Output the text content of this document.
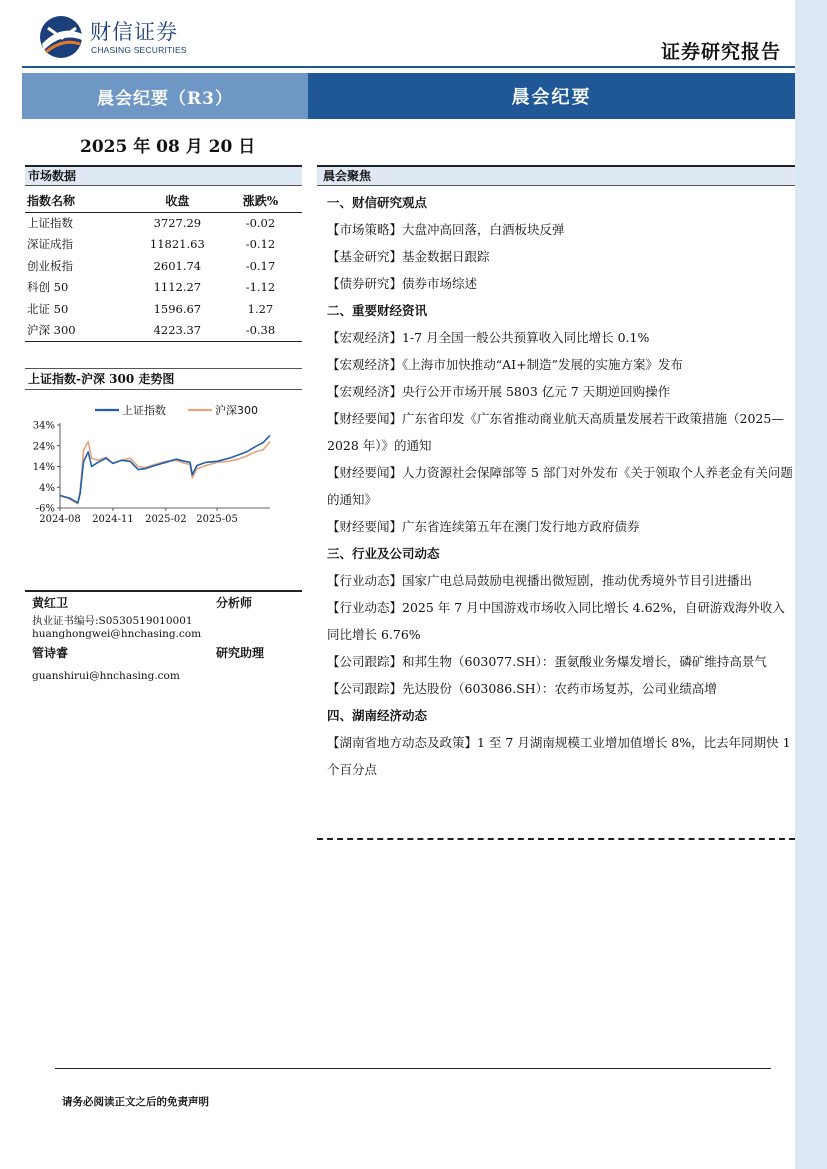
财信证券
CHASING SECURITIES	证券研究报告
晨会纪要（R3）	晨会纪要
2025 年 08 月 20 日
市场数据
指数名称	收盘	涨跌%
上证指数	3727.29	-0.02
深证成指	11821.63	-0.12
创业板指	2601.74	-0.17
科创 50	1112.27	-1.12
北证 50	1596.67	1.27
沪深 300	4223.37	-0.38
上证指数-沪深 300 走势图
34%
24%
14%
4%
-6%
2024-08 2024-11 2025-02 2025-05
上证指数	沪深300
黄红卫	分析师
执业证书编号:S0530519010001
huanghongwei@hnchasing.com
管诗睿	研究助理
guanshirui@hnchasing.com
晨会聚焦
一、财信研究观点
【市场策略】大盘冲高回落，白酒板块反弹
【基金研究】基金数据日跟踪
【债券研究】债券市场综述
二、重要财经资讯
【宏观经济】1-7 月全国一般公共预算收入同比增长 0.1%
【宏观经济】《上海市加快推动“AI+制造”发展的实施方案》发布
【宏观经济】央行公开市场开展 5803 亿元 7 天期逆回购操作
【财经要闻】广东省印发《广东省推动商业航天高质量发展若干政策措施（2025—2028 年）》的通知
【财经要闻】人力资源社会保障部等 5 部门对外发布《关于领取个人养老金有关问题的通知》
【财经要闻】广东省连续第五年在澳门发行地方政府债券
三、行业及公司动态
【行业动态】国家广电总局鼓励电视播出微短剧，推动优秀境外节目引进播出
【行业动态】2025 年 7 月中国游戏市场收入同比增长 4.62%，自研游戏海外收入同比增长 6.76%
【公司跟踪】和邦生物（603077.SH）：蛋氨酸业务爆发增长，磷矿维持高景气
【公司跟踪】先达股份（603086.SH）：农药市场复苏，公司业绩高增
四、湖南经济动态
【湖南省地方动态及政策】1 至 7 月湖南规模工业增加值增长 8%，比去年同期快 1 个百分点
请务必阅读正文之后的免责声明
